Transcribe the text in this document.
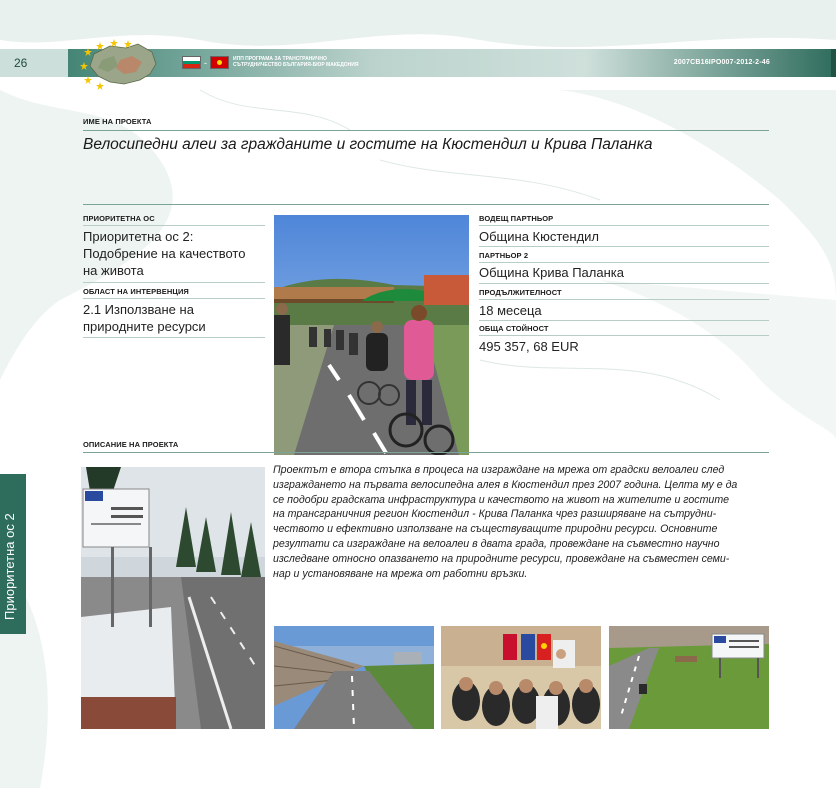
26	-	ИПП ПРОГРАМА ЗА ТРАНСГРАНИЧНО СЪТРУДНИЧЕСТВО БЪЛГАРИЯ-БЮР МАКЕДОНИЯ	2007CB16IPO007-2012-2-46
ИМЕ НА ПРОЕКТА
Велосипедни алеи за гражданите и гостите на Кюстендил и Крива Паланка
ПРИОРИТЕТНА ОС
Приоритетна ос 2:
Подобрение на качеството
на живота
ОБЛАСТ НА ИНТЕРВЕНЦИЯ
2.1 Използване на
природните ресурси
ВОДЕЩ ПАРТНЬОР
Община Кюстендил
ПАРТНЬОР 2
Община Крива Паланка
ПРОДЪЛЖИТЕЛНОСТ
18 месеца
ОБЩА СТОЙНОСТ
495 357, 68 EUR
ОПИСАНИЕ НА ПРОЕКТА
Проектът е втора стъпка в процеса на изграждане на мрежа от градски велоалеи след
изграждането на първата велосипедна алея в Кюстендил през 2007 година. Целта му е да
се подобри градската инфраструктура и качеството на живот на жителите и гостите
на трансграничния регион Кюстендил - Крива Паланка чрез разширяване на сътрудни-
чеството и ефективно използване на съществуващите природни ресурси. Основните
резултати са изграждане на велоалеи в двата града, провеждане на съвместно научно
изследване относно опазването на природните ресурси, провеждане на съвместен семи-
нар и установяване на мрежа от работни връзки.
Приоритетна ос 2
